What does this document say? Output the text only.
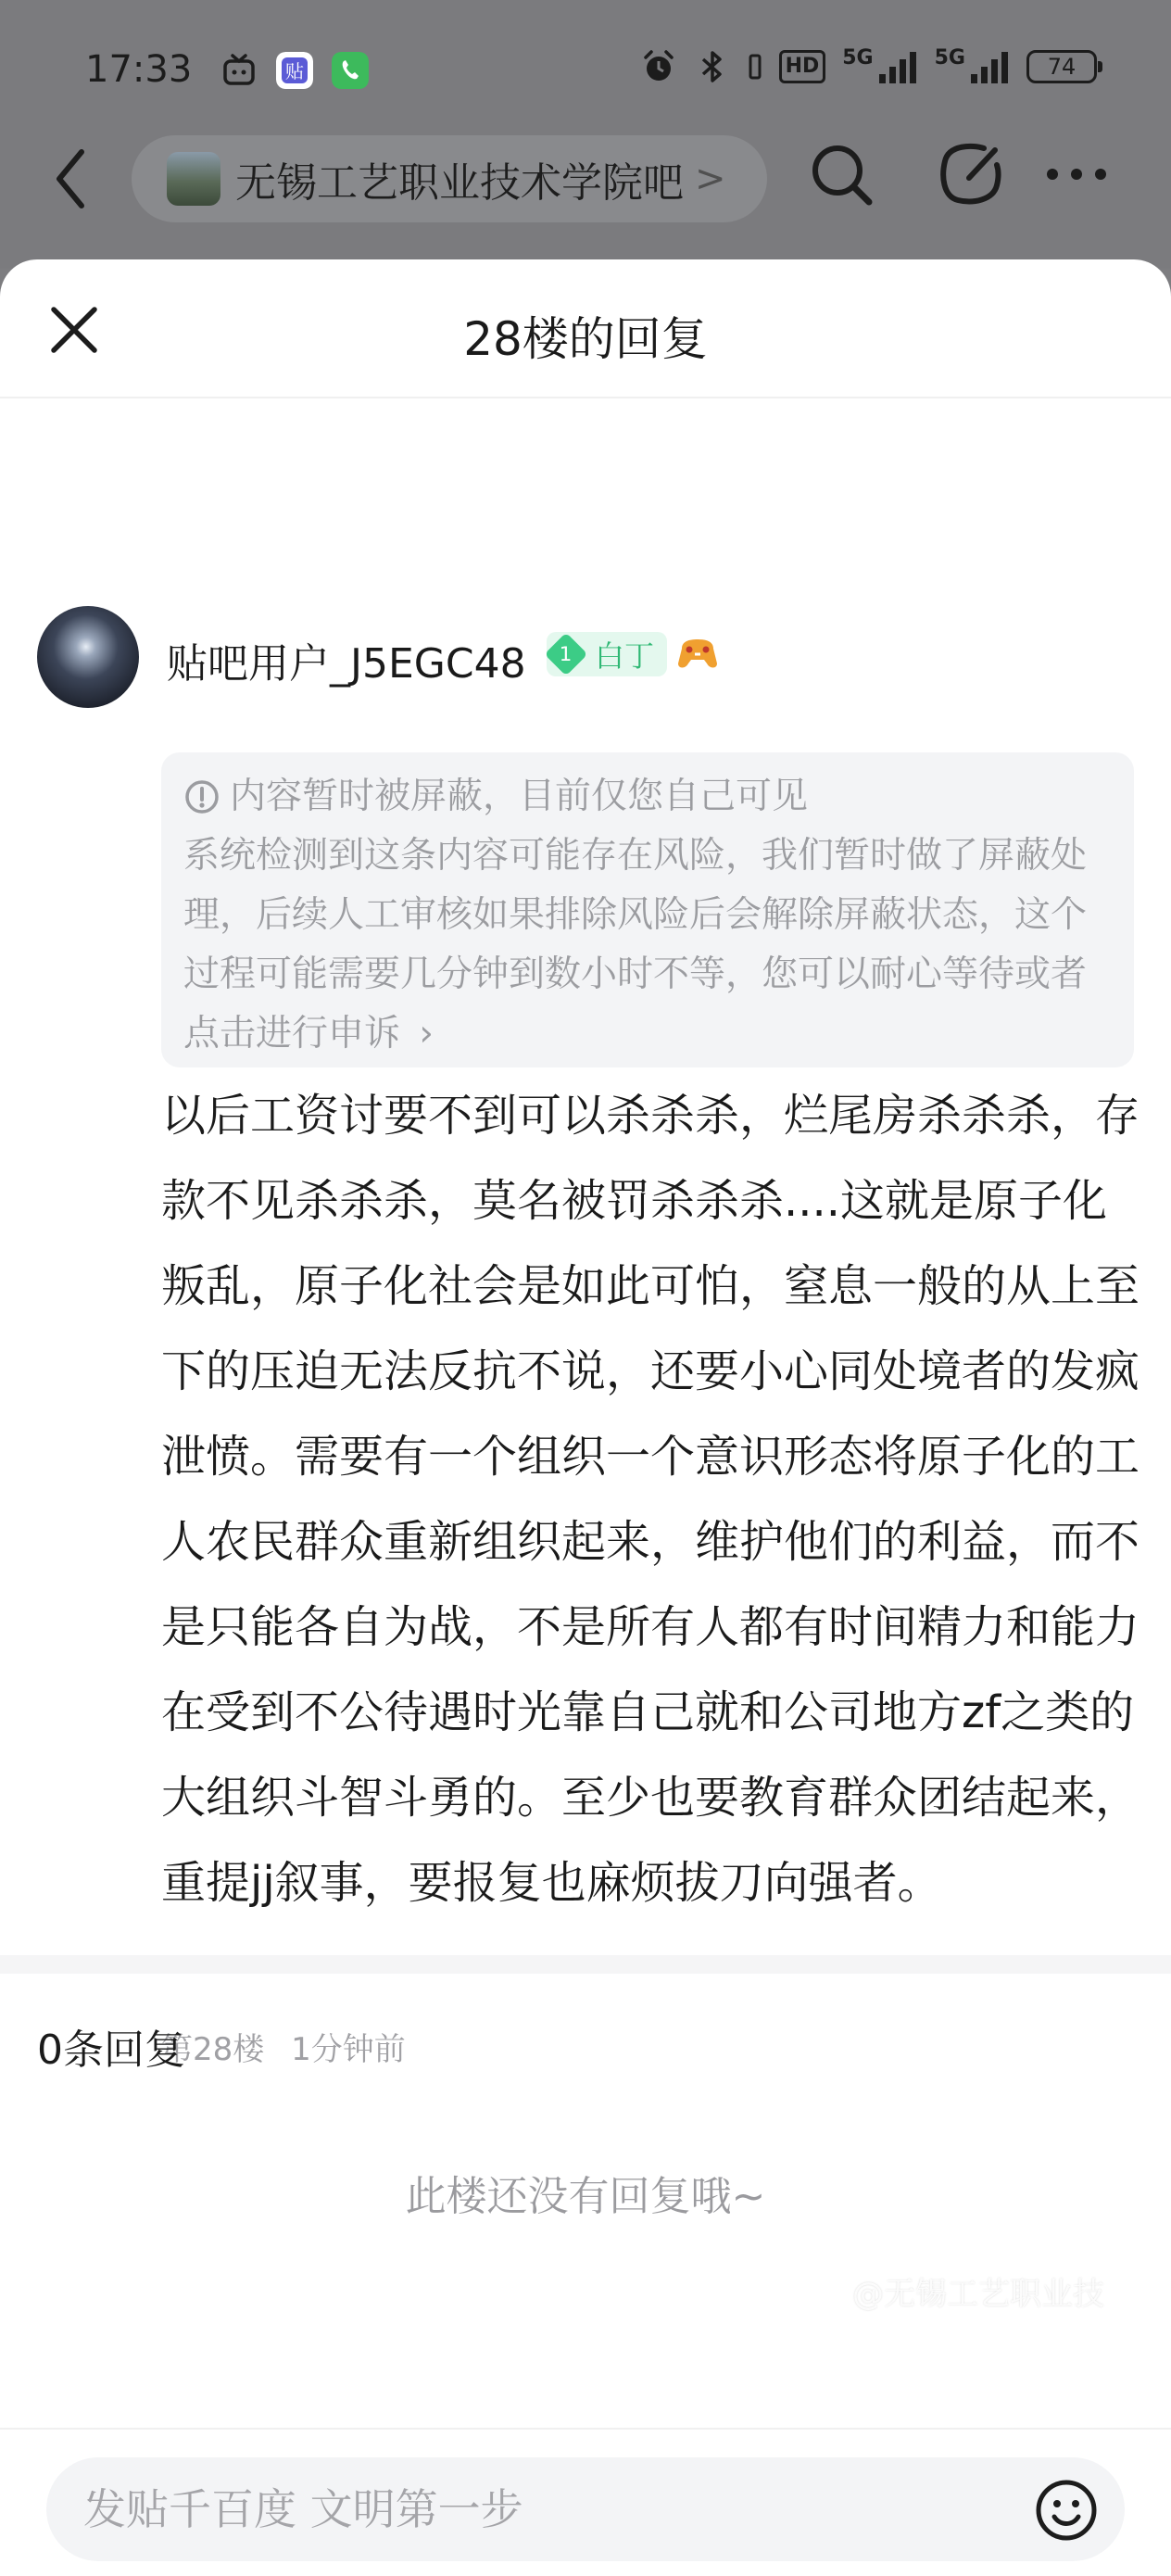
17:33	贴	HD	5G	5G	74
无锡工艺职业技术学院吧 >
28楼的回复
贴吧用户_J5EGC48 1 白丁
内容暂时被屏蔽，目前仅您自己可见
系统检测到这条内容可能存在风险，我们暂时做了屏蔽处理，后续人工审核如果排除风险后会解除屏蔽状态，这个过程可能需要几分钟到数小时不等，您可以耐心等待或者点击进行申诉 ›
以后工资讨要不到可以杀杀杀，烂尾房杀杀杀，存款不见杀杀杀，莫名被罚杀杀杀....这就是原子化叛乱，原子化社会是如此可怕，窒息一般的从上至下的压迫无法反抗不说，还要小心同处境者的发疯泄愤。需要有一个组织一个意识形态将原子化的工人农民群众重新组织起来，维护他们的利益，而不是只能各自为战，不是所有人都有时间精力和能力在受到不公待遇时光靠自己就和公司地方zf之类的大组织斗智斗勇的。至少也要教育群众团结起来，重提jj叙事，要报复也麻烦拔刀向强者。
第28楼 1分钟前
0条回复
此楼还没有回复哦~
发贴千百度 文明第一步
@无锡工艺职业技
